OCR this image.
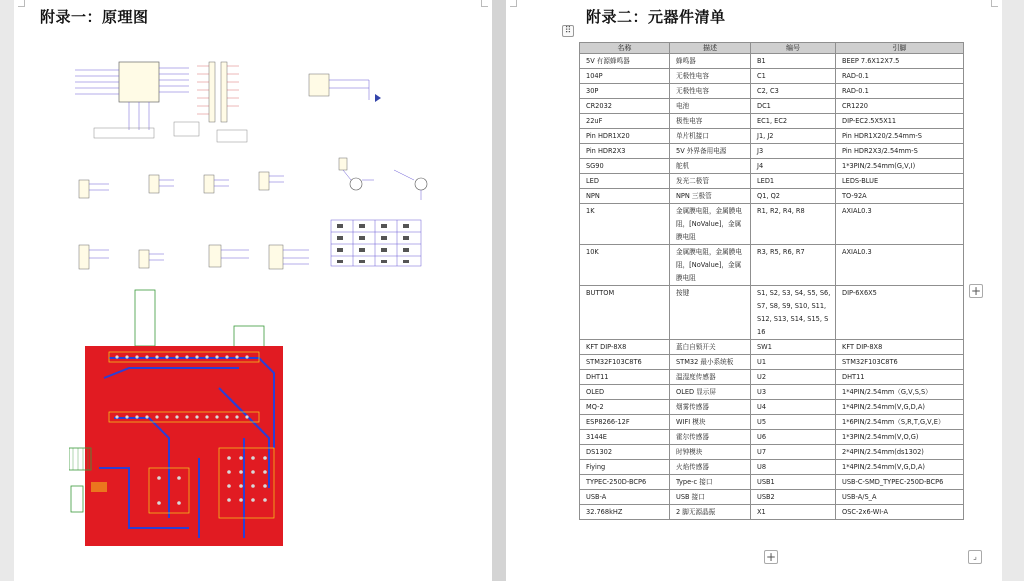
附录一：原理图	附录二：元器件清单
⠿
名称	描述	编号	引脚
5V 有源蜂鸣器	蜂鸣器	B1	BEEP 7.6X12X7.5
104P	无极性电容	C1	RAD-0.1
30P	无极性电容	C2, C3	RAD-0.1
CR2032	电池	DC1	CR1220
22uF	极性电容	EC1, EC2	DIP-EC2.5X5X11
Pin HDR1X20	单片机接口	J1, J2	Pin HDR1X20/2.54mm-S
Pin HDR2X3	5V 外界备用电源	J3	Pin HDR2X3/2.54mm-S
SG90	舵机	J4	1*3PIN/2.54mm(G,V,I)
LED	发光二极管	LED1	LEDS-BLUE
NPN	NPN 三极管	Q1, Q2	TO-92A
1K	金属膜电阻，金属膜电阻，[NoValue]，金属膜电阻	R1, R2, R4, R8	AXIAL0.3
10K	金属膜电阻，金属膜电阻，[NoValue]，金属膜电阻	R3, R5, R6, R7	AXIAL0.3
BUTTOM	按键	S1, S2, S3, S4, S5, S6, S7, S8, S9, S10, S11, S12, S13, S14, S15, S16	DIP-6X6X5
KFT DIP-8X8	蓝白自锁开关	SW1	KFT DIP-8X8
STM32F103C8T6	STM32 最小系统板	U1	STM32F103C8T6
DHT11	温湿度传感器	U2	DHT11
OLED	OLED 显示屏	U3	1*4PIN/2.54mm（G,V,S,S）
MQ-2	烟雾传感器	U4	1*4PIN/2.54mm(V,G,D,A)
ESP8266-12F	WIFI 模块	U5	1*6PIN/2.54mm（S,R,T,G,V,E）
3144E	霍尔传感器	U6	1*3PIN/2.54mm(V,O,G)
DS1302	时钟模块	U7	2*4PIN/2.54mm(ds1302)
Fiying	火焰传感器	U8	1*4PIN/2.54mm(V,G,D,A)
TYPEC-250D-BCP6	Type-c 接口	USB1	USB-C-SMD_TYPEC-250D-BCP6
USB-A	USB 接口	USB2	USB-A/S_A
32.768kHZ	2 脚无源晶振	X1	OSC-2x6-WI-A
+
+	⌟
